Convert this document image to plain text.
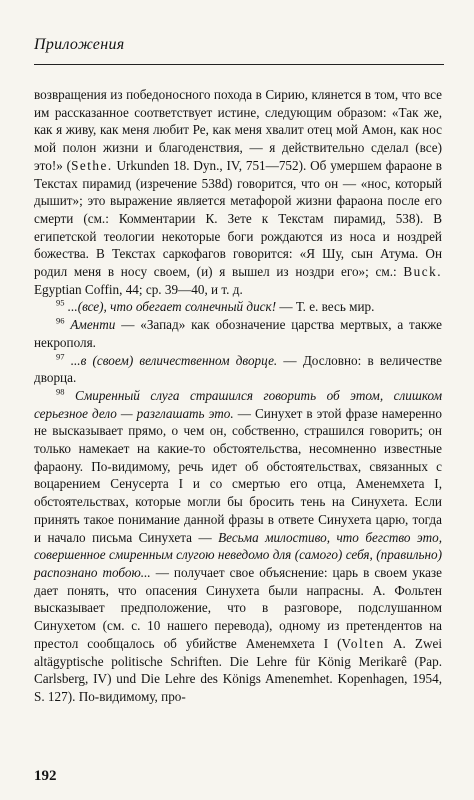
Приложения

возвращения из победоносного похода в Сирию, клянется в том, что все им рассказанное соответствует истине, следующим образом: «Так же, как я живу, как меня любит Ре, как меня хвалит отец мой Амон, как нос мой полон жизни и благоденствия, — я действительно сделал (все) это!» (Sethe. Urkunden 18. Dyn., IV, 751—752). Об умершем фараоне в Текстах пирамид (изречение 538d) говорится, что он — «нос, который дышит»; это выражение является метафорой жизни фараона после его смерти (см.: Комментарии К. Зете к Текстам пирамид, 538). В египетской теологии некоторые боги рождаются из носа и ноздрей божества. В Текстах саркофагов говорится: «Я Шу, сын Атума. Он родил меня в носу своем, (и) я вышел из ноздри его»; см.: Buck. Egyptian Coffin, 44; ср. 39—40, и т. д.

$^{95}$ ...(все), что обегает солнечный диск! — Т. е. весь мир.

$^{96}$ Аменти — «Запад» как обозначение царства мертвых, а также некрополя.

$^{97}$ ...в (своем) величественном дворце. — Дословно: в величестве дворца.

$^{98}$ Смиренный слуга страшился говорить об этом, слишком серьезное дело — разглашать это. — Синухет в этой фразе намеренно не высказывает прямо, о чем он, собственно, страшился говорить; он только намекает на какие-то обстоятельства, несомненно известные фараону. По-видимому, речь идет об обстоятельствах, связанных с воцарением Сенусерта I и со смертью его отца, Аменемхета I, обстоятельствах, которые могли бы бросить тень на Синухета. Если принять такое понимание данной фразы в ответе Синухета царю, тогда и начало письма Синухета — Весьма милостиво, что бегство это, совершенное смиренным слугою неведомо для (самого) себя, (правильно) распознано тобою... — получает свое объяснение: царь в своем указе дает понять, что опасения Синухета были напрасны. А. Фольтен высказывает предположение, что в разговоре, подслушанном Синухетом (см. с. 10 нашего перевода), одному из претендентов на престол сообщалось об убийстве Аменемхета I (Volten A. Zwei altägyptische politische Schriften. Die Lehre für König Merikarê (Pap. Carlsberg, IV) und Die Lehre des Königs Amenemhet. Kopenhagen, 1954, S. 127). По-видимому, про-

192
